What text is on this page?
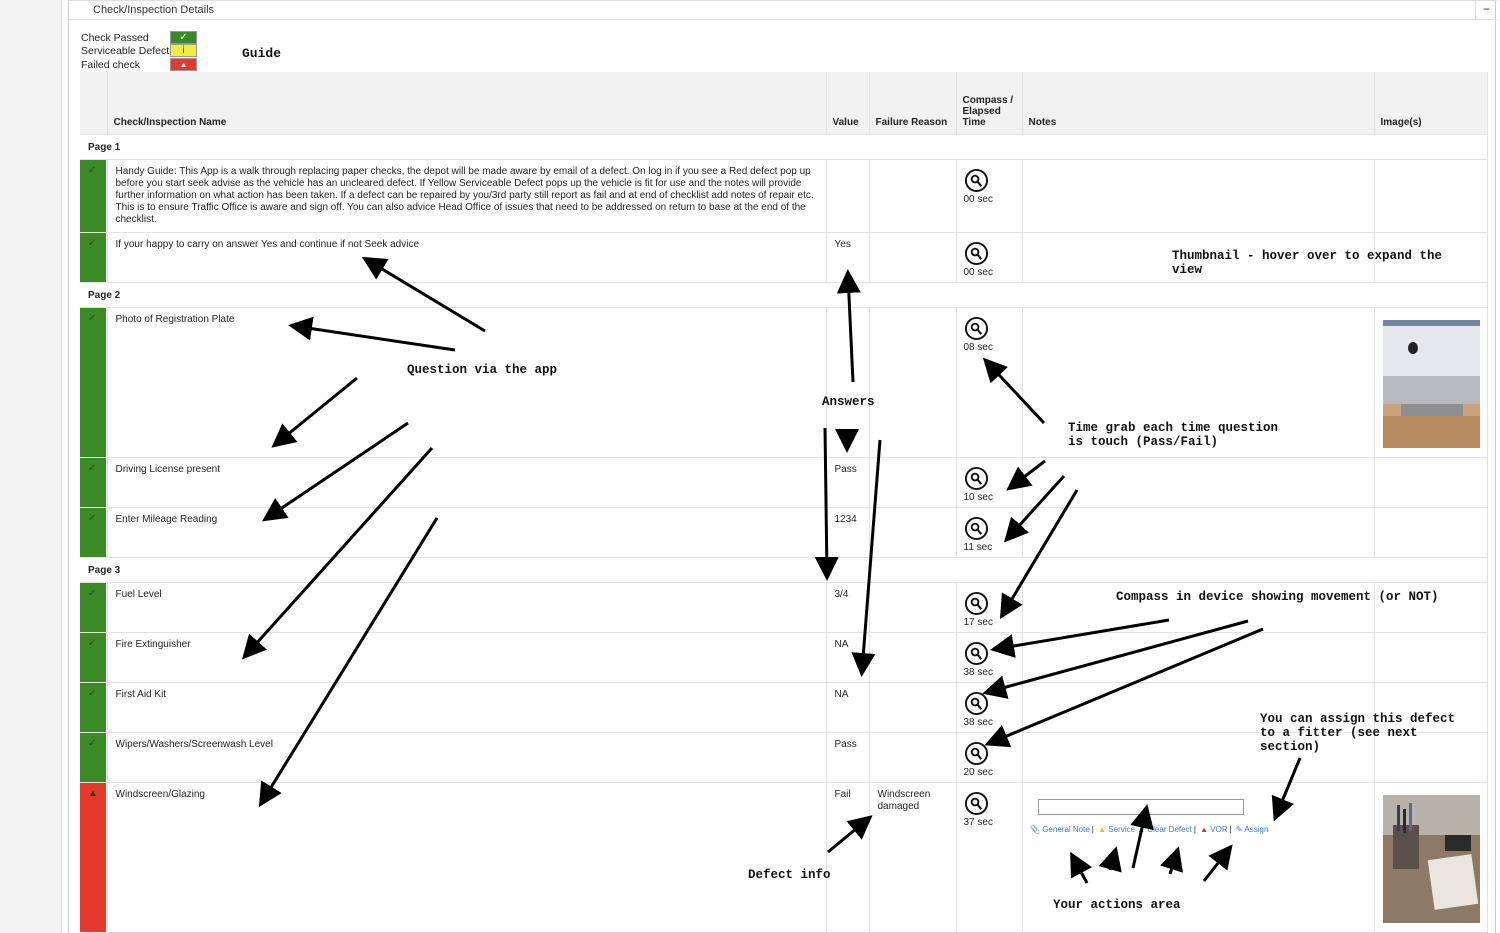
Check/Inspection Details	−
Check Passed	✓
Serviceable Defect	i
Failed check	▲
Guide
	Check/Inspection Name	Value	Failure Reason	Compass / Elapsed Time	Notes	Image(s)
Page 1						

✓	Handy Guide: This App is a walk through replacing paper checks, the depot will be made aware by email of a defect. On log in if you see a Red defect pop up before you start seek advise as the vehicle has an uncleared defect. If Yellow Serviceable Defect pops up the vehicle is fit for use and the notes will provide further information on what action has been taken. If a defect can be repaired by you/3rd party still report as fail and at end of checklist add notes of repair etc. This is to ensure Traffic Office is aware and sign off. You can also advice Head Office of issues that need to be addressed on return to base at the end of the checklist.			00 sec		

✓	If your happy to carry on answer Yes and continue if not Seek advice	Yes		00 sec		

Page 2						

✓	Photo of Registration Plate			08 sec

✓	Driving License present	Pass		10 sec		

✓	Enter Mileage Reading	1234		11 sec		

Page 3						

✓	Fuel Level	3/4		17 sec		

✓	Fire Extinguisher	NA		38 sec		

✓	First Aid Kit	NA		38 sec		

✓	Wipers/Washers/Screenwash Level	Pass		20 sec		

▲	Windscreen/Glazing	Fail	Windscreen damaged	37 sec

📎 General Note | ▲ Service ▲ Clear Defect | ▲ VOR | ✎ Assign
Question via the app
Answers
Thumbnail - hover over to expand the view
Time grab each time question is touch (Pass/Fail)
Compass in device showing movement (or NOT)
You can assign this defect to a fitter (see next section)
Defect info
Your actions area
